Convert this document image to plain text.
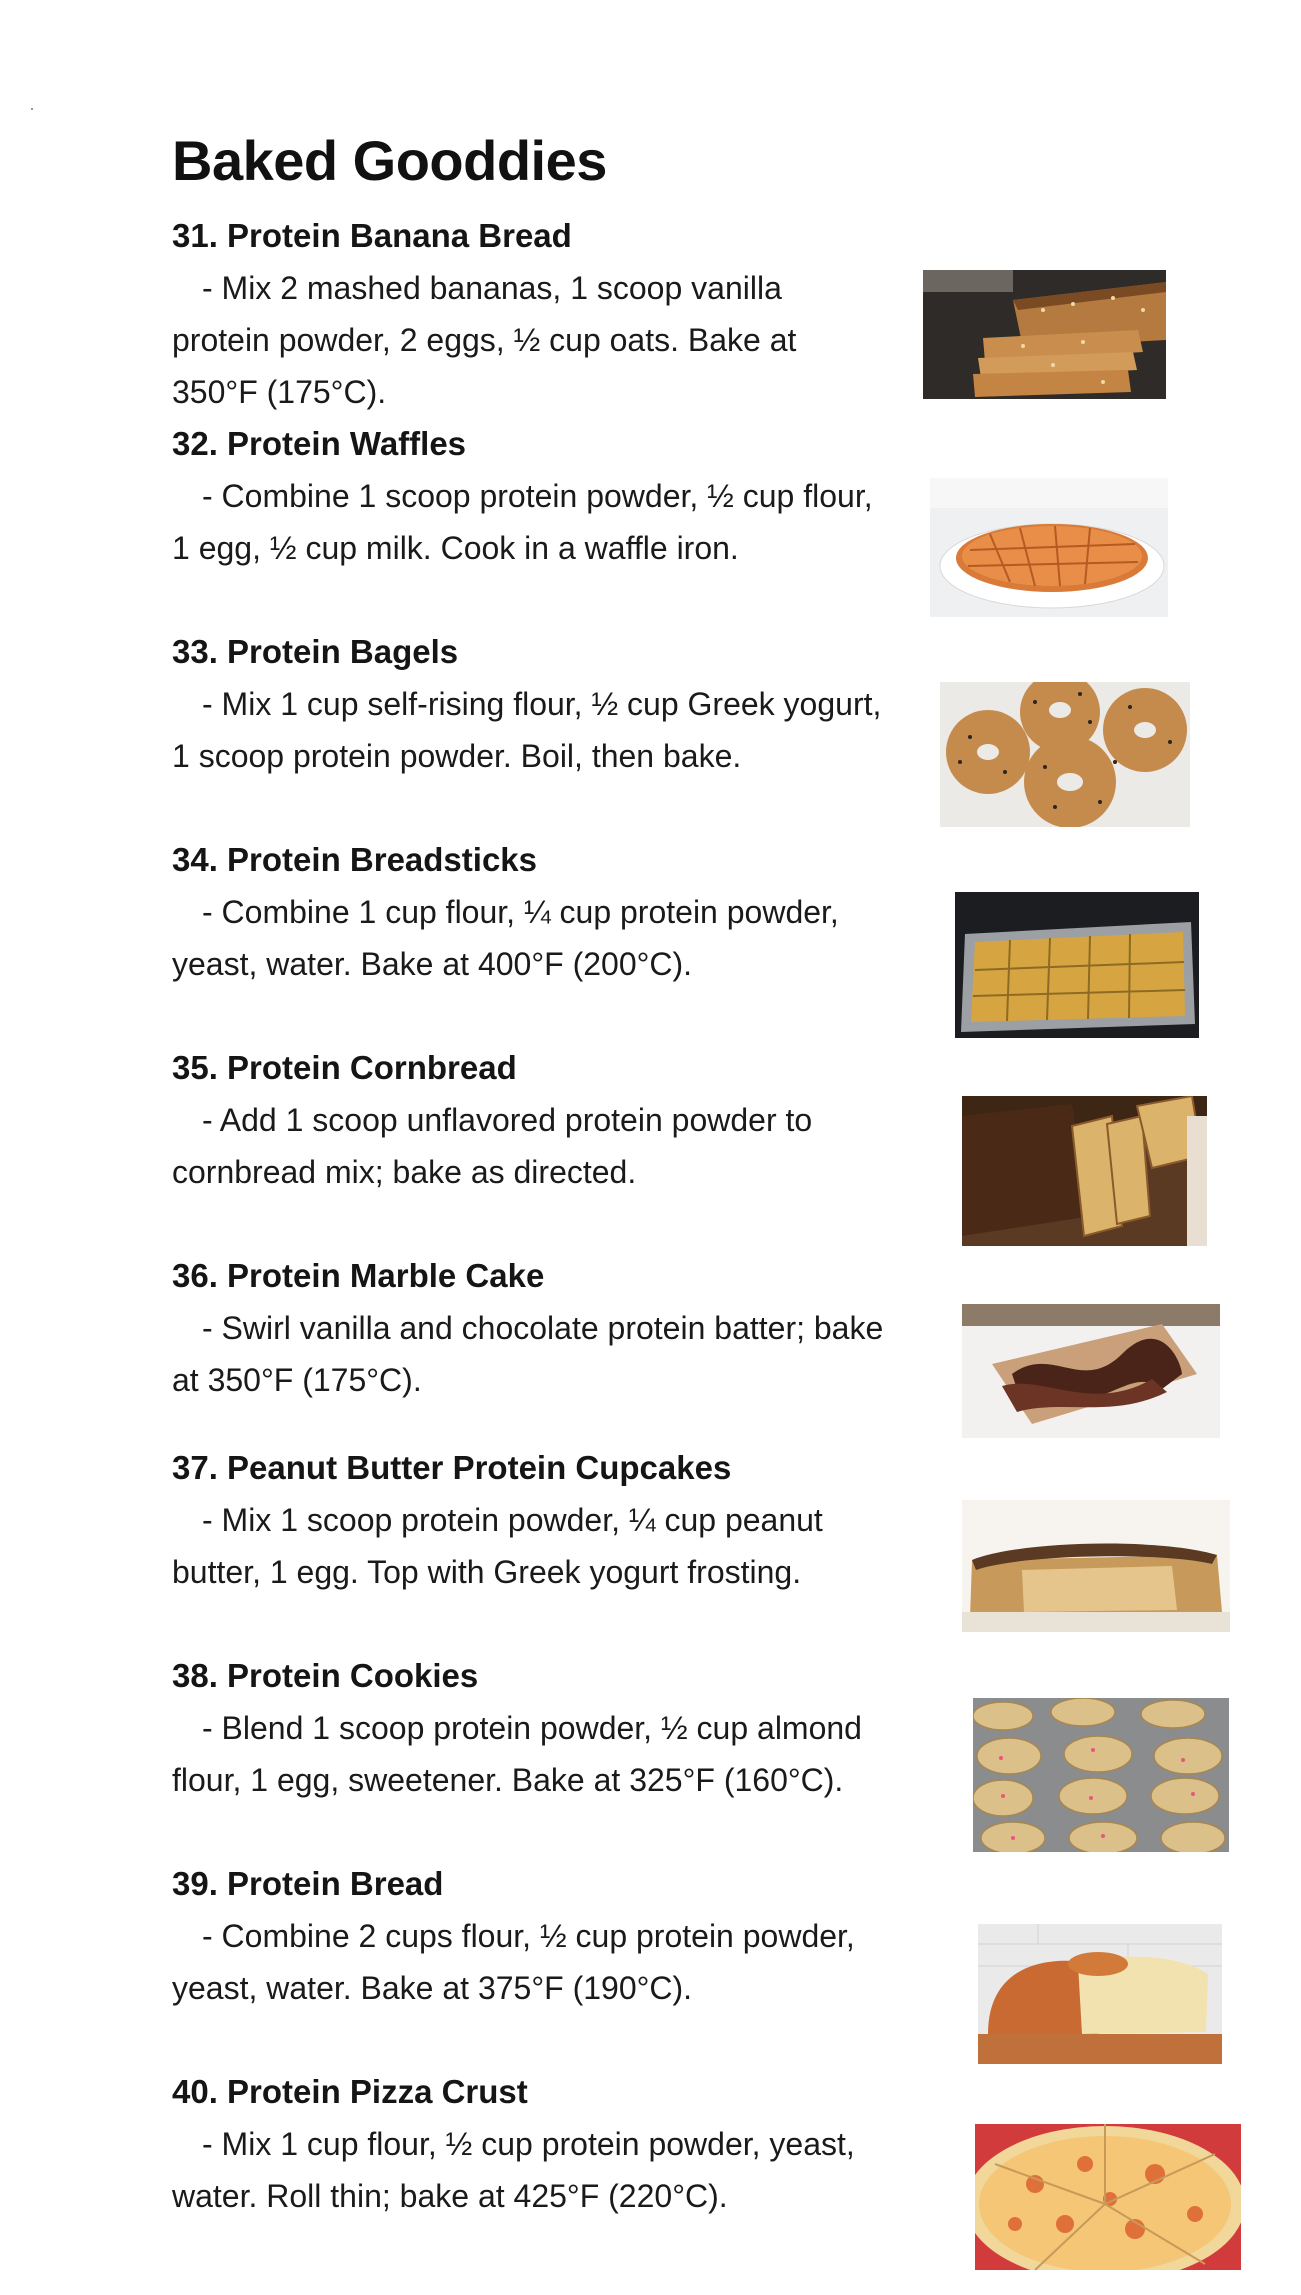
Baked Gooddies

31. Protein Banana Bread

- Mix 2 mashed bananas, 1 scoop vanilla protein powder, 2 eggs, ½ cup oats. Bake at 350°F (175°C).

32. Protein Waffles

- Combine 1 scoop protein powder, ½ cup flour, 1 egg, ½ cup milk. Cook in a waffle iron.

33. Protein Bagels

- Mix 1 cup self-rising flour, ½ cup Greek yogurt, 1 scoop protein powder. Boil, then bake.

34. Protein Breadsticks

- Combine 1 cup flour, ¼ cup protein powder, yeast, water. Bake at 400°F (200°C).

35. Protein Cornbread

- Add 1 scoop unflavored protein powder to cornbread mix; bake as directed.

36. Protein Marble Cake

- Swirl vanilla and chocolate protein batter; bake at 350°F (175°C).

37. Peanut Butter Protein Cupcakes

- Mix 1 scoop protein powder, ¼ cup peanut butter, 1 egg. Top with Greek yogurt frosting.

38. Protein Cookies

- Blend 1 scoop protein powder, ½ cup almond flour, 1 egg, sweetener. Bake at 325°F (160°C).

39. Protein Bread

- Combine 2 cups flour, ½ cup protein powder, yeast, water. Bake at 375°F (190°C).

40. Protein Pizza Crust

- Mix 1 cup flour, ½ cup protein powder, yeast, water. Roll thin; bake at 425°F (220°C).
